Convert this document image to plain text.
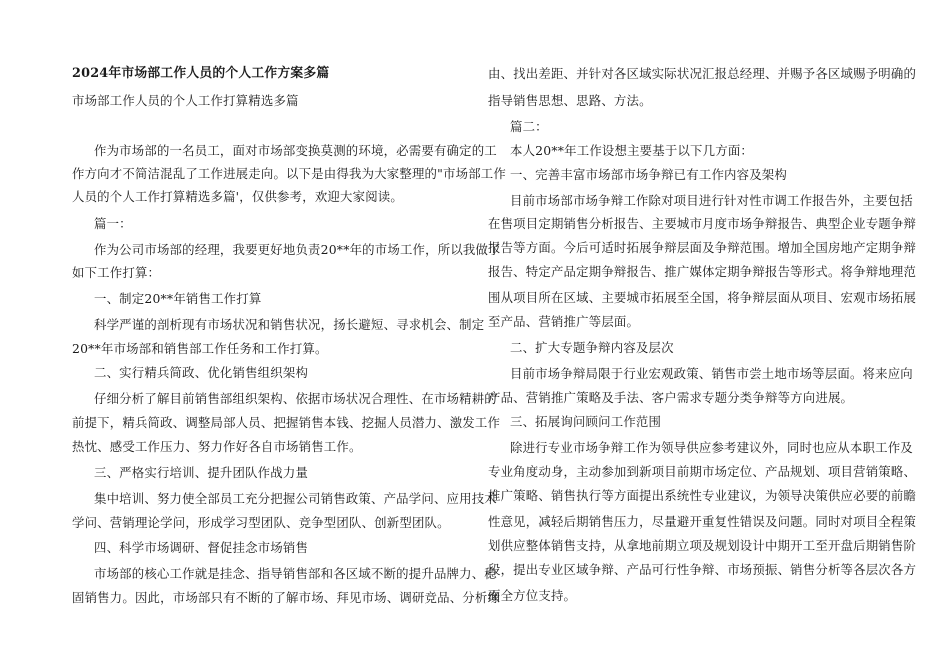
2024年市场部工作人员的个人工作方案多篇
市场部工作人员的个人工作打算精选多篇
作为市场部的一名员工，面对市场部变换莫测的环境，必需要有确定的工
作方向才不简洁混乱了工作进展走向。以下是由得我为大家整理的"市场部工作
人员的个人工作打算精选多篇'，仅供参考，欢迎大家阅读。
篇一：
作为公司市场部的经理，我要更好地负责20**年的市场工作，所以我做了
如下工作打算：
一、制定20**年销售工作打算
科学严谨的剖析现有市场状况和销售状况，扬长避短、寻求机会、制定
20**年市场部和销售部工作任务和工作打算。
二、实行精兵简政、优化销售组织架构
仔细分析了解目前销售部组织架构、依据市场状况合理性、在市场精耕的
前提下，精兵简政、调整局部人员、把握销售本钱、挖掘人员潜力、激发工作
热忱、感受工作压力、努力作好各自市场销售工作。
三、严格实行培训、提升团队作战力量
集中培训、努力使全部员工充分把握公司销售政策、产品学问、应用技术
学问、营销理论学问，形成学习型团队、竞争型团队、创新型团队。
四、科学市场调研、督促挂念市场销售
市场部的核心工作就是挂念、指导销售部和各区域不断的提升品牌力、稳
固销售力。因此，市场部只有不断的了解市场、拜见市场、调研竞品、分析缘
由、找出差距、并针对各区域实际状况汇报总经理、并赐予各区域赐予明确的
指导销售思想、思路、方法。
篇二：
本人20**年工作设想主要基于以下几方面：
一、完善丰富市场部市场争辩已有工作内容及架构
目前市场部市场争辩工作除对项目进行针对性市调工作报告外，主要包括
在售项目定期销售分析报告、主要城市月度市场争辩报告、典型企业专题争辩
报告等方面。今后可适时拓展争辩层面及争辩范围。增加全国房地产定期争辩
报告、特定产品定期争辩报告、推广媒体定期争辩报告等形式。将争辩地理范
围从项目所在区域、主要城市拓展至全国，将争辩层面从项目、宏观市场拓展
至产品、营销推广等层面。
二、扩大专题争辩内容及层次
目前市场争辩局限于行业宏观政策、销售市尝土地市场等层面。将来应向
产品、营销推广策略及手法、客户需求专题分类争辩等方向进展。
三、拓展询问顾问工作范围
除进行专业市场争辩工作为领导供应参考建议外，同时也应从本职工作及
专业角度动身，主动参加到新项目前期市场定位、产品规划、项目营销策略、
推广策略、销售执行等方面提出系统性专业建议，为领导决策供应必要的前瞻
性意见，减轻后期销售压力，尽量避开重复性错误及问题。同时对项目全程策
划供应整体销售支持，从拿地前期立项及规划设计中期开工至开盘后期销售阶
段，提出专业区域争辩、产品可行性争辩、市场预振、销售分析等各层次各方
面全方位支持。
